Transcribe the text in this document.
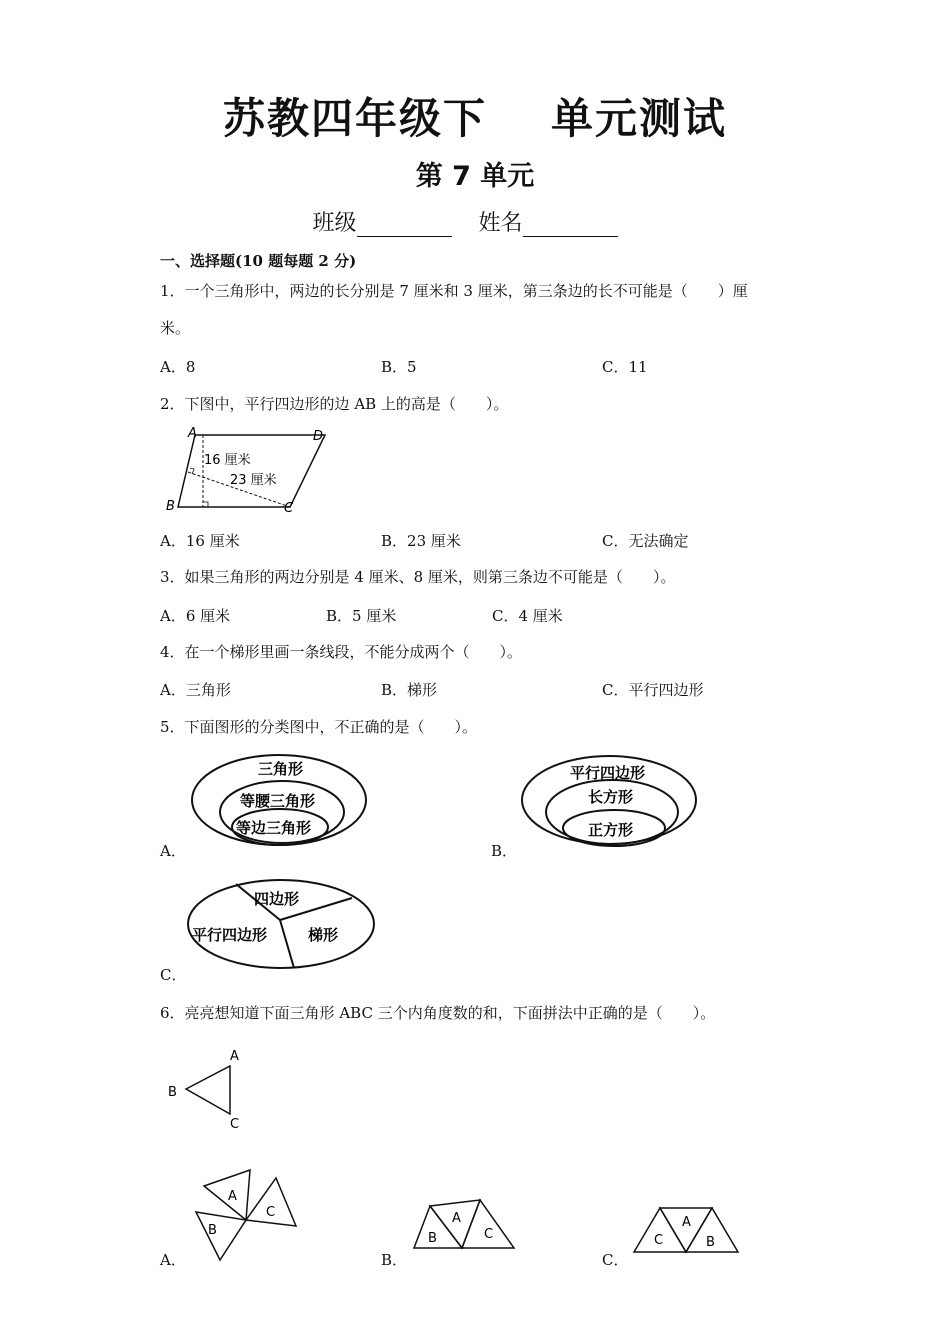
苏教四年级下 单元测试
第 7 单元
班级	姓名
一、选择题(10 题每题 2 分)
1．一个三角形中，两边的长分别是 7 厘米和 3 厘米，第三条边的长不可能是（　　）厘
米。
A．8	B．5	C．11
2．下图中，平行四边形的边 AB 上的高是（　　）。
A	D
B	C
16 厘米
23 厘米
A．16 厘米	B．23 厘米	C．无法确定
3．如果三角形的两边分别是 4 厘米、8 厘米，则第三条边不可能是（　　）。
A．6 厘米	B．5 厘米	C．4 厘米
4．在一个梯形里画一条线段，不能分成两个（　　）。
A．三角形	B．梯形	C．平行四边形
5．下面图形的分类图中，不正确的是（　　）。
三角形
等腰三角形
等边三角形
A．
平行四边形
长方形
正方形
B．
四边形
平行四边形	梯形
C．
6．亮亮想知道下面三角形 ABC 三个内角度数的和，下面拼法中正确的是（　　）。
A
B
C
A
B
C
A．
A
B	C
B．
A
C	B
C．
